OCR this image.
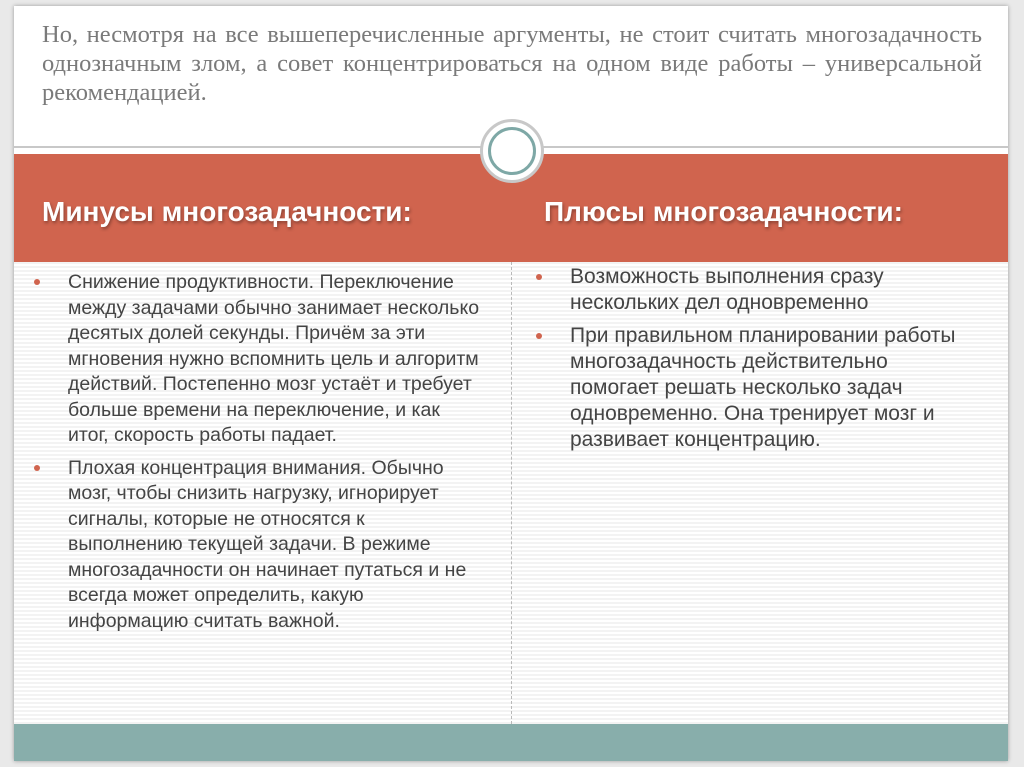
Но, несмотря на все вышеперечисленные аргументы, не стоит считать многозадачность однозначным злом, а совет концентрироваться на одном виде работы – универсальной рекомендацией.
Минусы многозадачности:	Плюсы многозадачности:
Снижение продуктивности. Переключение между задачами обычно занимает несколько десятых долей секунды. Причём за эти мгновения нужно вспомнить цель и алгоритм действий. Постепенно мозг устаёт и требует больше времени на переключение, и как итог, скорость работы падает.
Плохая концентрация внимания. Обычно мозг, чтобы снизить нагрузку, игнорирует сигналы, которые не относятся к выполнению текущей задачи. В режиме многозадачности он начинает путаться и не всегда может определить, какую информацию считать важной.
Возможность выполнения сразу нескольких дел одновременно
При правильном планировании работы многозадачность действительно помогает решать несколько задач одновременно. Она тренирует мозг и развивает концентрацию.
